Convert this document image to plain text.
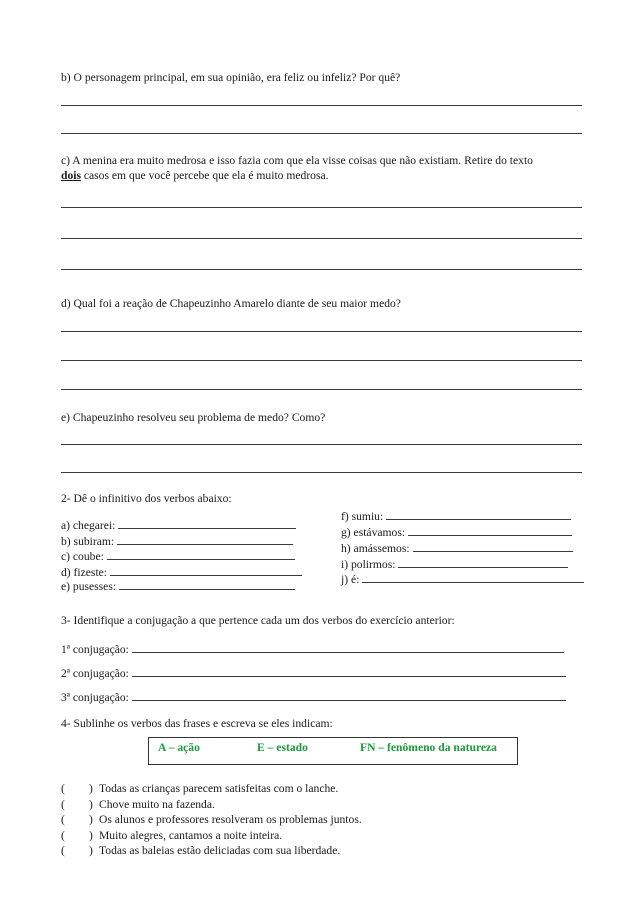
b) O personagem principal, em sua opinião, era feliz ou infeliz? Por quê?
c) A menina era muito medrosa e isso fazia com que ela visse coisas que não existiam. Retire do texto
dois casos em que você percebe que ela é muito medrosa.
d) Qual foi a reação de Chapeuzinho Amarelo diante de seu maior medo?
e) Chapeuzinho resolveu seu problema de medo? Como?
2- Dê o infinitivo dos verbos abaixo:
a) chegarei:
b) subiram:
c) coube:
d) fizeste:
e) pusesses:
f) sumiu:
g) estávamos:
h) amássemos:
i) polirmos:
j) é:
3- Identifique a conjugação a que pertence cada um dos verbos do exercício anterior:
1ª conjugação:
2ª conjugação:
3ª conjugação:
4- Sublinhe os verbos das frases e escreva se eles indicam:
A – ação	E – estado	FN – fenômeno da natureza
( ) Todas as crianças parecem satisfeitas com o lanche.
( ) Chove muito na fazenda.
( ) Os alunos e professores resolveram os problemas juntos.
( ) Muito alegres, cantamos a noite inteira.
( ) Todas as baleias estão deliciadas com sua liberdade.
